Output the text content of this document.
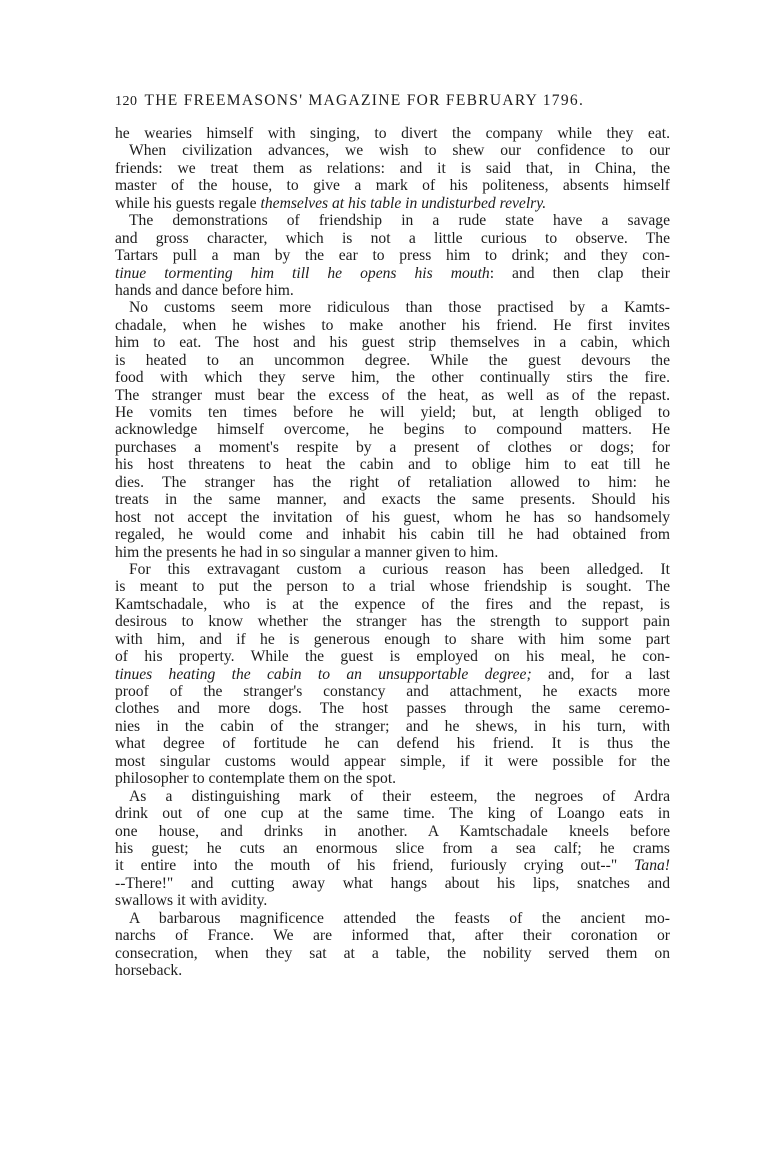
120 THE FREEMASONS' MAGAZINE FOR FEBRUARY 1796.
he wearies himself with singing, to divert the company while they eat.
When civilization advances, we wish to shew our confidence to our
friends: we treat them as relations: and it is said that, in China, the
master of the house, to give a mark of his politeness, absents himself
while his guests regale themselves at his table in undisturbed revelry.
The demonstrations of friendship in a rude state have a savage
and gross character, which is not a little curious to observe. The
Tartars pull a man by the ear to press him to drink; and they con-
tinue tormenting him till he opens his mouth: and then clap their
hands and dance before him.
No customs seem more ridiculous than those practised by a Kamts-
chadale, when he wishes to make another his friend. He first invites
him to eat. The host and his guest strip themselves in a cabin, which
is heated to an uncommon degree. While the guest devours the
food with which they serve him, the other continually stirs the fire.
The stranger must bear the excess of the heat, as well as of the repast.
He vomits ten times before he will yield; but, at length obliged to
acknowledge himself overcome, he begins to compound matters. He
purchases a moment's respite by a present of clothes or dogs; for
his host threatens to heat the cabin and to oblige him to eat till he
dies. The stranger has the right of retaliation allowed to him: he
treats in the same manner, and exacts the same presents. Should his
host not accept the invitation of his guest, whom he has so handsomely
regaled, he would come and inhabit his cabin till he had obtained from
him the presents he had in so singular a manner given to him.
For this extravagant custom a curious reason has been alledged. It
is meant to put the person to a trial whose friendship is sought. The
Kamtschadale, who is at the expence of the fires and the repast, is
desirous to know whether the stranger has the strength to support pain
with him, and if he is generous enough to share with him some part
of his property. While the guest is employed on his meal, he con-
tinues heating the cabin to an unsupportable degree; and, for a last
proof of the stranger's constancy and attachment, he exacts more
clothes and more dogs. The host passes through the same ceremo-
nies in the cabin of the stranger; and he shews, in his turn, with
what degree of fortitude he can defend his friend. It is thus the
most singular customs would appear simple, if it were possible for the
philosopher to contemplate them on the spot.
As a distinguishing mark of their esteem, the negroes of Ardra
drink out of one cup at the same time. The king of Loango eats in
one house, and drinks in another. A Kamtschadale kneels before
his guest; he cuts an enormous slice from a sea calf; he crams
it entire into the mouth of his friend, furiously crying out--" Tana!
--There!" and cutting away what hangs about his lips, snatches and
swallows it with avidity.
A barbarous magnificence attended the feasts of the ancient mo-
narchs of France. We are informed that, after their coronation or
consecration, when they sat at a table, the nobility served them on
horseback.
